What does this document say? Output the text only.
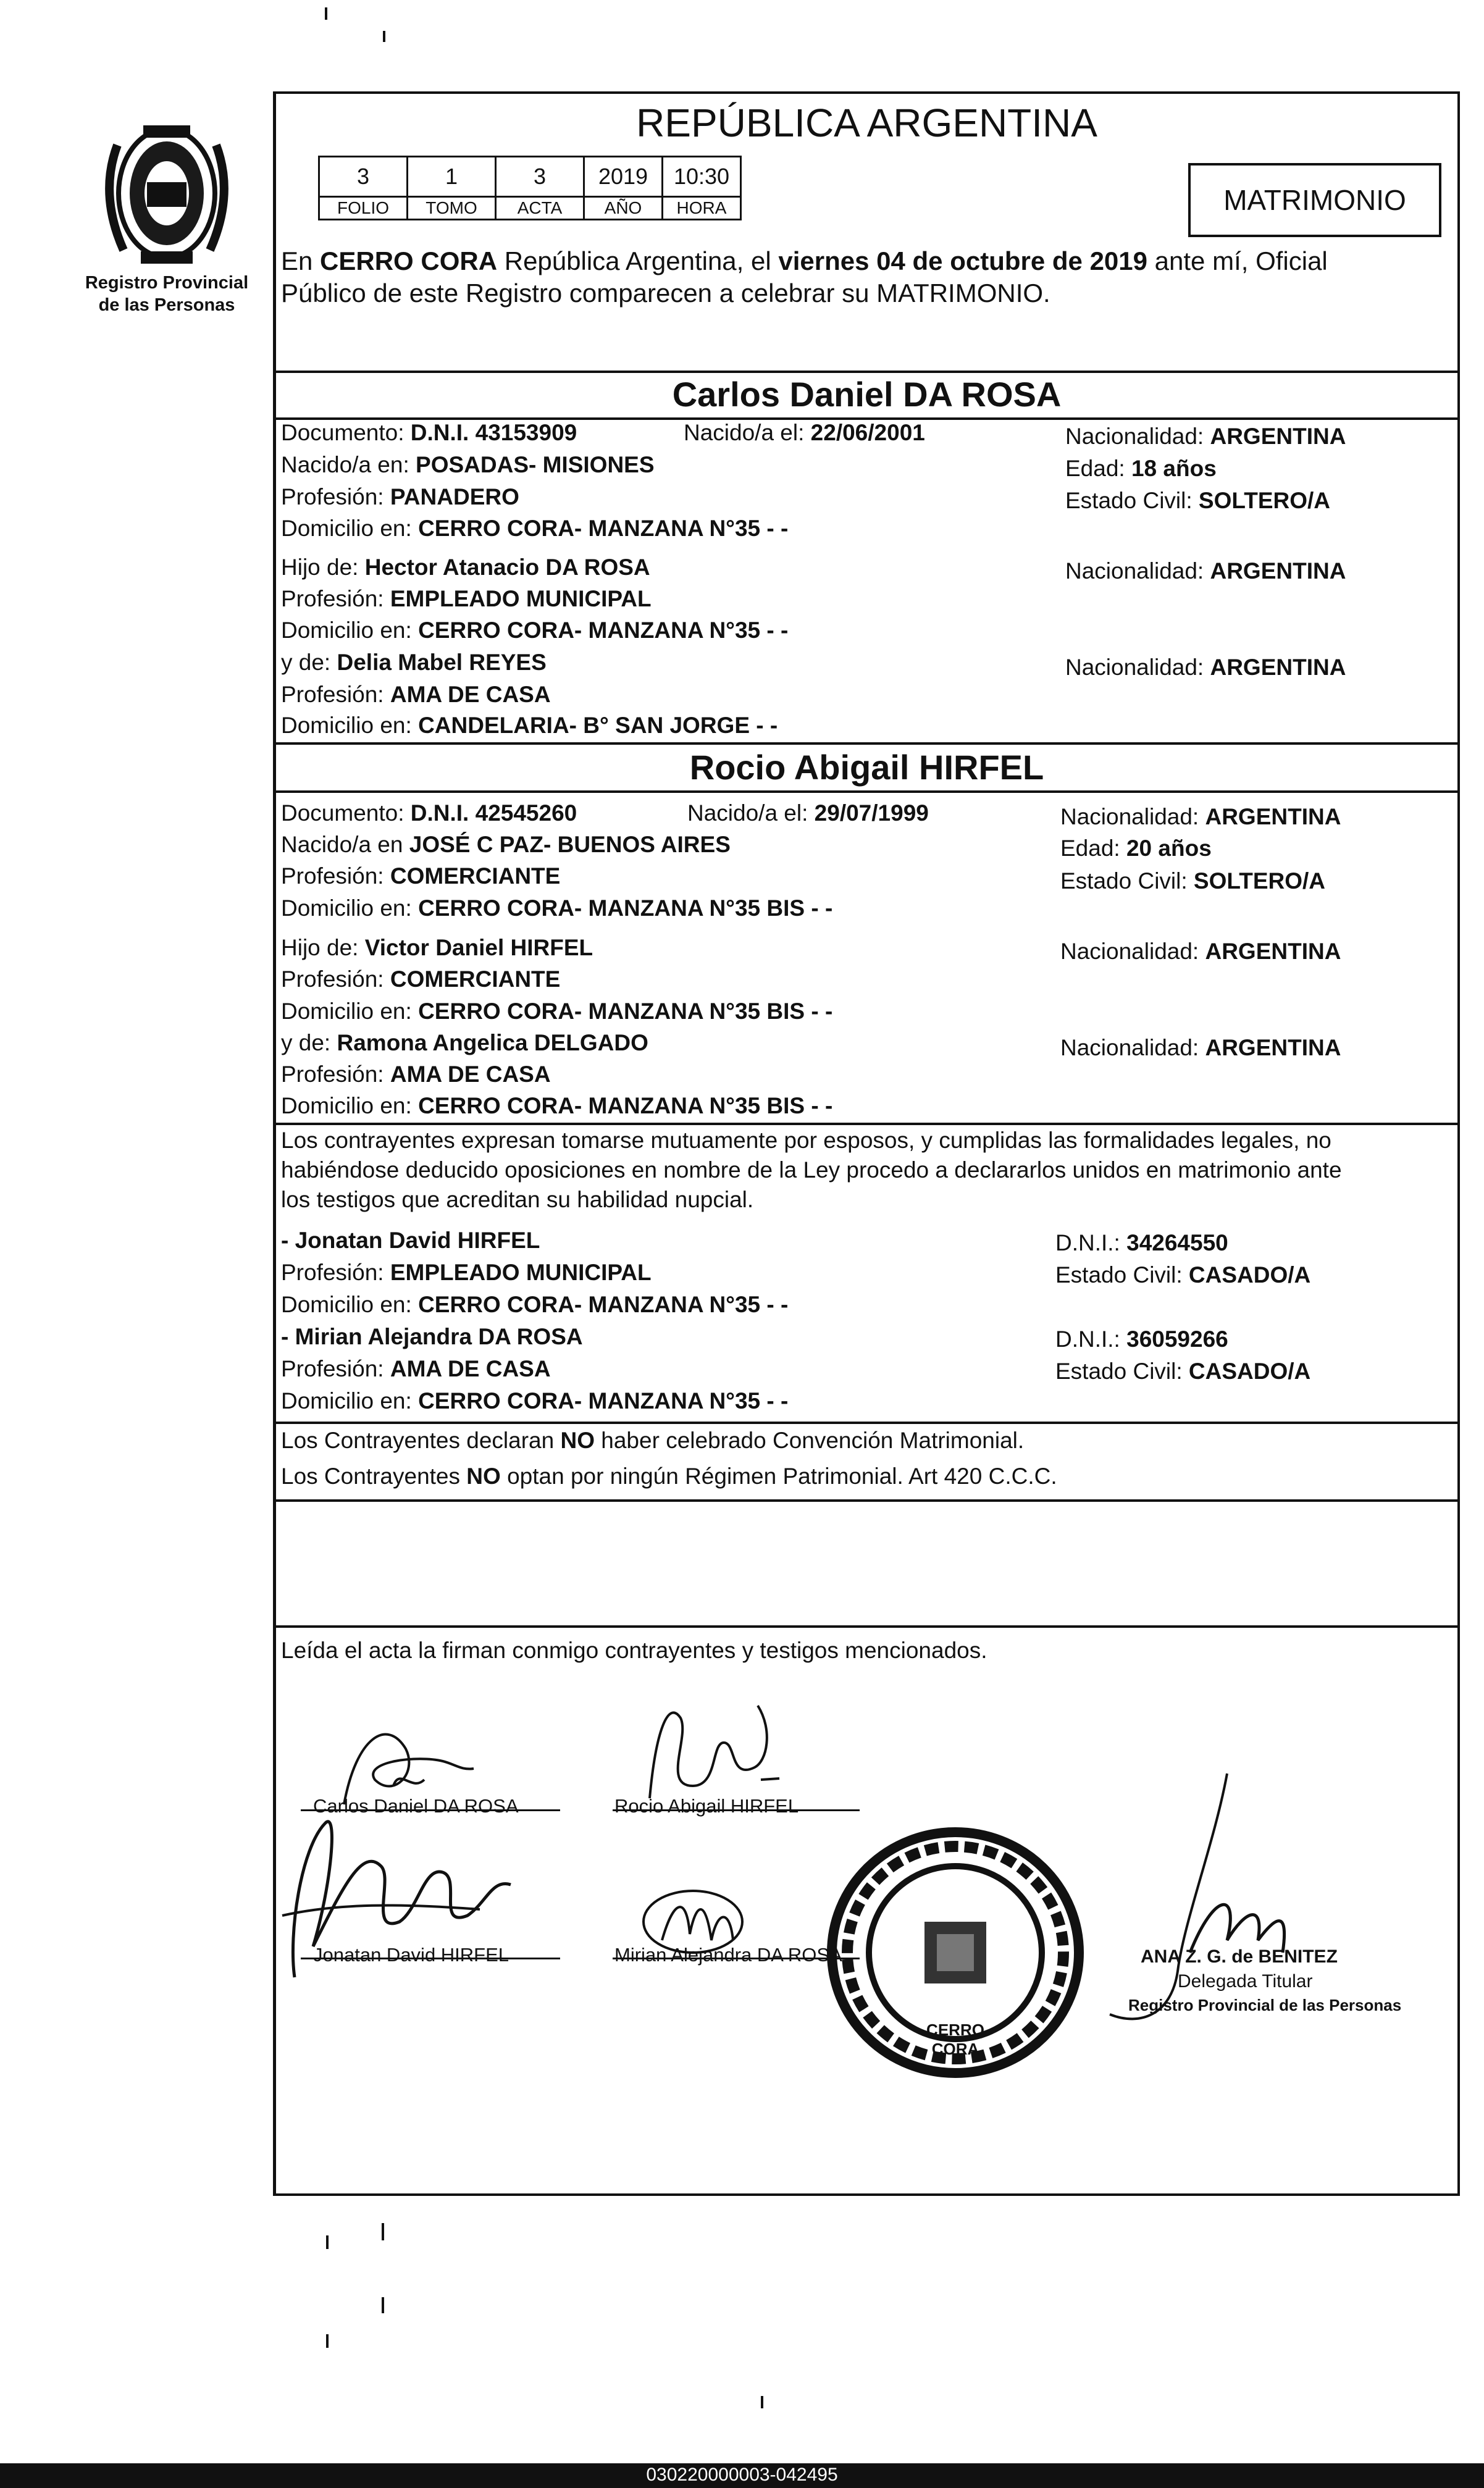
Registro Provincial
de las Personas
REPÚBLICA ARGENTINA
MATRIMONIO
En CERRO CORA República Argentina, el viernes 04 de octubre de 2019 ante mí, Oficial
Público de este Registro comparecen a celebrar su MATRIMONIO.
Carlos Daniel DA ROSA
Documento: D.N.I. 43153909	Nacido/a el: 22/06/2001	Nacionalidad: ARGENTINA
Nacido/a en: POSADAS- MISIONES	Edad: 18 años
Profesión: PANADERO	Estado Civil: SOLTERO/A
Domicilio en: CERRO CORA- MANZANA N°35 - -
Hijo de: Hector Atanacio DA ROSA	Nacionalidad: ARGENTINA
Profesión: EMPLEADO MUNICIPAL
Domicilio en: CERRO CORA- MANZANA N°35 - -
y de: Delia Mabel REYES	Nacionalidad: ARGENTINA
Profesión: AMA DE CASA
Domicilio en: CANDELARIA- B° SAN JORGE - -
Rocio Abigail HIRFEL
Documento: D.N.I. 42545260	Nacido/a el: 29/07/1999	Nacionalidad: ARGENTINA
Nacido/a en JOSÉ C PAZ- BUENOS AIRES	Edad: 20 años
Profesión: COMERCIANTE	Estado Civil: SOLTERO/A
Domicilio en: CERRO CORA- MANZANA N°35 BIS - -
Hijo de: Victor Daniel HIRFEL	Nacionalidad: ARGENTINA
Profesión: COMERCIANTE
Domicilio en: CERRO CORA- MANZANA N°35 BIS - -
y de: Ramona Angelica DELGADO	Nacionalidad: ARGENTINA
Profesión: AMA DE CASA
Domicilio en: CERRO CORA- MANZANA N°35 BIS - -
Los contrayentes expresan tomarse mutuamente por esposos, y cumplidas las formalidades legales, no
habiéndose deducido oposiciones en nombre de la Ley procedo a declararlos unidos en matrimonio ante
los testigos que acreditan su habilidad nupcial.
- Jonatan David HIRFEL	D.N.I.: 34264550
Profesión: EMPLEADO MUNICIPAL	Estado Civil: CASADO/A
Domicilio en: CERRO CORA- MANZANA N°35 - -
- Mirian Alejandra DA ROSA	D.N.I.: 36059266
Profesión: AMA DE CASA	Estado Civil: CASADO/A
Domicilio en: CERRO CORA- MANZANA N°35 - -
Los Contrayentes declaran NO haber celebrado Convención Matrimonial.
Los Contrayentes NO optan por ningún Régimen Patrimonial. Art 420 C.C.C.
Leída el acta la firman conmigo contrayentes y testigos mencionados.
Carlos Daniel DA ROSA	Rocio Abigail HIRFEL
Jonatan David HIRFEL	Mirian Alejandra DA ROSA
CERRO CORA
ANA Z. G. de BENITEZ
Delegada Titular
Registro Provincial de las Personas
3	1	3	2019	10:30
FOLIO	TOMO	ACTA	AÑO	HORA
030220000003-042495
